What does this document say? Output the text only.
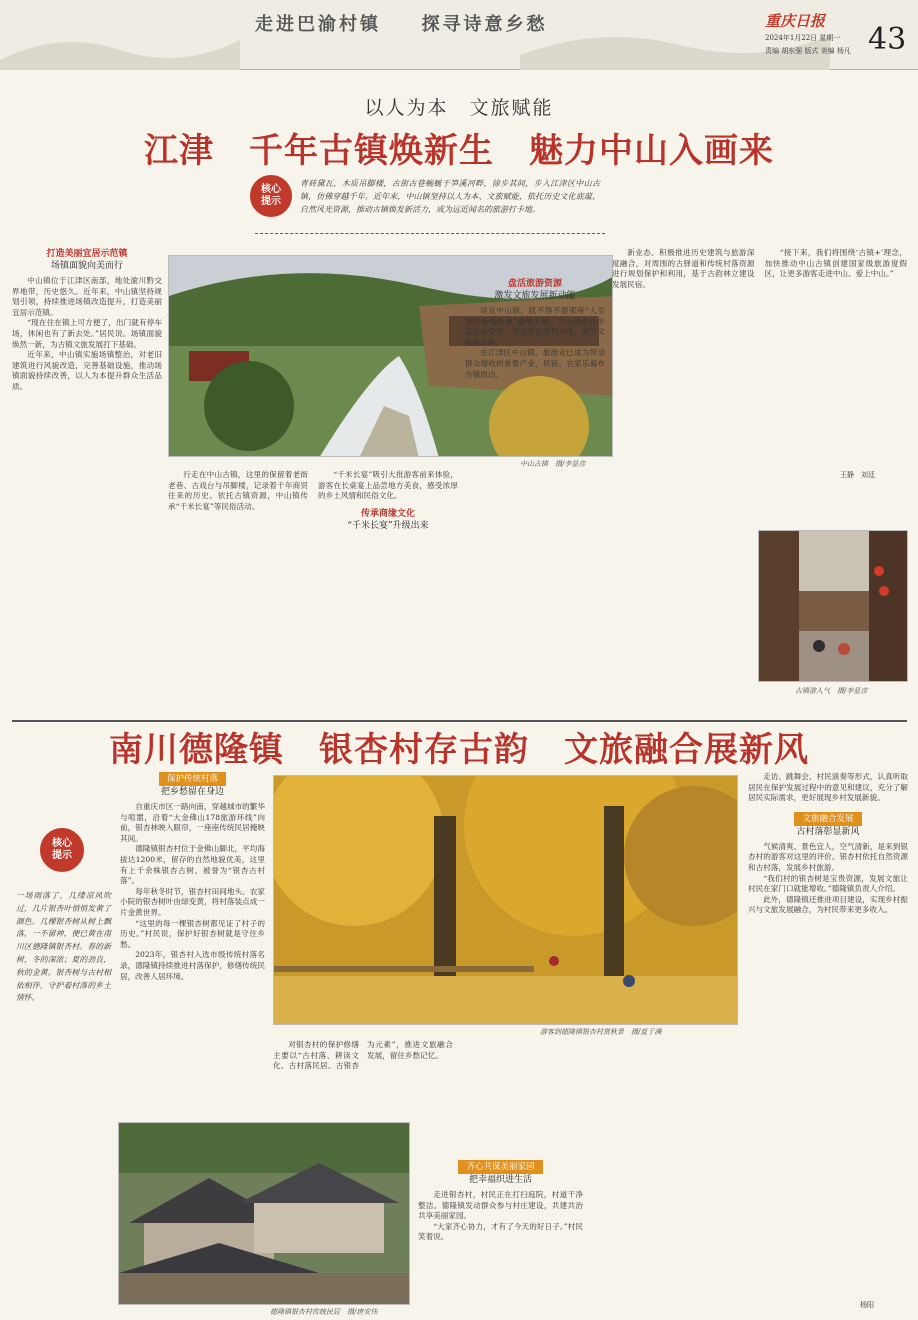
走进巴渝村镇 探寻诗意乡愁	重庆日报
2024年1月22日 星期一
责编 胡东强 版式 美编 杨凡 43
以人为本　文旅赋能
江津　千年古镇焕新生　魅力中山入画来
核心提示
青砖黛瓦，木质吊脚楼，古街古巷蜿蜒于笋溪河畔，徐步其间，步入江津区中山古镇，仿佛穿越千年。近年来，中山镇坚持以人为本、文旅赋能，依托历史文化底蕴、自然风光资源，推动古镇焕发新活力，成为远近闻名的旅游打卡地。
打造美丽宜居示范镇
场镇面貌向美而行

中山镇位于江津区南部，地处渝川黔交界地带，历史悠久。近年来，中山镇坚持规划引领，持续推进场镇改造提升，打造美丽宜居示范镇。

“现在住在镇上可方便了，出门就有停车场，休闲也有了新去处。”居民说。场镇面貌焕然一新，为古镇文旅发展打下基础。

近年来，中山镇实施场镇整治，对老旧建筑进行风貌改造，完善基础设施，推动场镇面貌持续改善，以人为本提升群众生活品质。

中山古镇　摄/李显彦

行走在中山古镇，这里的保留着老街老巷、古戏台与吊脚楼，记录着千年商贸往来的历史。依托古镇资源，中山镇传承“千米长宴”等民俗活动。

“千米长宴”吸引大批游客前来体验，游客在长桌宴上品尝地方美食，感受浓厚的乡土风情和民俗文化。

传承商缘文化
“千米长宴”升级出来
盘活旅游资源
激发文旅发展新动能

谈及中山镇，就不得不提那座“人至深的爱情故事”爱情天梯。中山镇依托丰富旅游资源，推动景区提档升级，激发文旅新动能。

在江津区中山镇，旅游业已成为带动群众增收的重要产业，民宿、农家乐遍布古镇周边。

新业态、积极推进历史建筑与旅游深度融合，对周围的古驿道和传统村落资源进行规划保护和利用，基于古韵林立建设发展民宿。

“接下来，我们将围绕‘古镇+’理念，加快推动中山古镇创建国家级旅游度假区，让更多游客走进中山、爱上中山。”

王静　刘廷
古镇游人气　摄/李显彦
南川德隆镇　银杏村存古韵　文旅融合展新风
核心提示
一场雨落了，几缕凉风吹过，几片银杏叶悄悄发黄了颜色。几棵银杏树从树上飘落，一不留神，便已黄在南川区德隆镇银杏村。春的新树，冬的深浓；夏的劲良，秋的金黄。银杏树与古村相依相伴，守护着村落的乡土情怀。
游客到德隆镇银杏村赏秋景　摄/夏于满
保护传统村落
把乡愁留在身边

自重庆市区一路向南，穿越城市的繁华与喧嚣，沿着“大金佛山178旅游环线”向前，银杏林映入眼帘，一座座传统民居掩映其间。

德隆镇银杏村位于金佛山脚北，平均海拔达1200米，留存的自然地貌优美，这里有上千余株银杏古树，被誉为“银杏古村落”。

每年秋冬时节，银杏村田间地头、农家小院的银杏树叶由绿变黄，将村落装点成一片金黄世界。

“这里的每一棵银杏树都见证了村子的历史。”村民说，保护好银杏树就是守住乡愁。

2023年，银杏村入选市级传统村落名录，德隆镇持续推进村落保护，修缮传统民居，改善人居环境。

对银杏村的保护修缮主要以“古村落、耕读文化、古村落民居、古银杏为元素”，推进文旅融合发展，留住乡愁记忆。

德隆镇银杏村传统民居　摄/唐安伟
齐心共谋美丽家园
把幸福织进生活

走进银杏村，村民正在打扫庭院，村道干净整洁。德隆镇发动群众参与村庄建设，共建共治共享美丽家园。

“大家齐心协力，才有了今天的好日子。”村民笑着说。

走访、跳舞会、村民演奏等形式，认真听取居民在保护发展过程中的意见和建议，充分了解居民实际需求，更好展现乡村发展新貌。

文旅融合发展
古村落彰显新风

气候清爽、景色宜人，空气清新，是来到银杏村的游客对这里的评价。银杏村依托自然资源和古村落，发展乡村旅游。

“我们村的银杏树是宝贵资源，发展文旅让村民在家门口就能增收。”德隆镇负责人介绍。

此外，德隆镇还推进项目建设，实现乡村振兴与文旅发展融合，为村民带来更多收入。

杨阳
